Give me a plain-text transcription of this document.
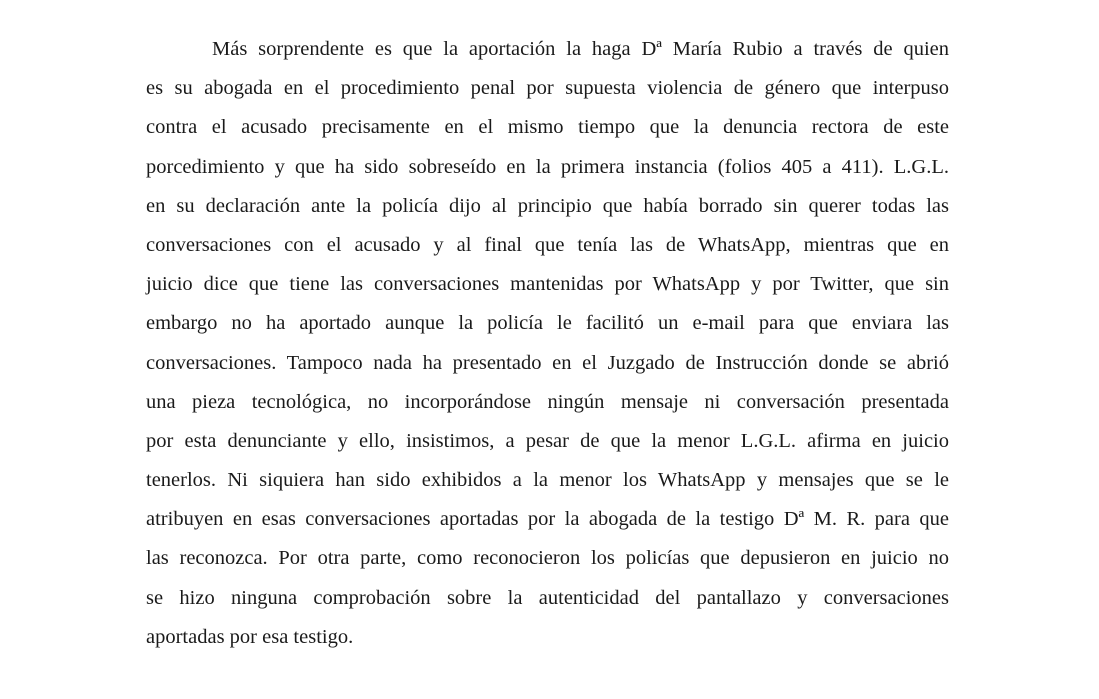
Más sorprendente es que la aportación la haga Dª María Rubio a través de quien
es su abogada en el procedimiento penal por supuesta violencia de género que interpuso
contra el acusado precisamente en el mismo tiempo que la denuncia rectora de este
porcedimiento y que ha sido sobreseído en la primera instancia (folios 405 a 411). L.G.L.
en su declaración ante la policía dijo al principio que había borrado sin querer todas las
conversaciones con el acusado y al final que tenía las de WhatsApp, mientras que en
juicio dice que tiene las conversaciones mantenidas por WhatsApp y por Twitter, que sin
embargo no ha aportado aunque la policía le facilitó un e-mail para que enviara las
conversaciones. Tampoco nada ha presentado en el Juzgado de Instrucción donde se abrió
una pieza tecnológica, no incorporándose ningún mensaje ni conversación presentada
por esta denunciante y ello, insistimos, a pesar de que la menor L.G.L. afirma en juicio
tenerlos. Ni siquiera han sido exhibidos a la menor los WhatsApp y mensajes que se le
atribuyen en esas conversaciones aportadas por la abogada de la testigo Dª M. R. para que
las reconozca. Por otra parte, como reconocieron los policías que depusieron en juicio no
se hizo ninguna comprobación sobre la autenticidad del pantallazo y conversaciones
aportadas por esa testigo.
